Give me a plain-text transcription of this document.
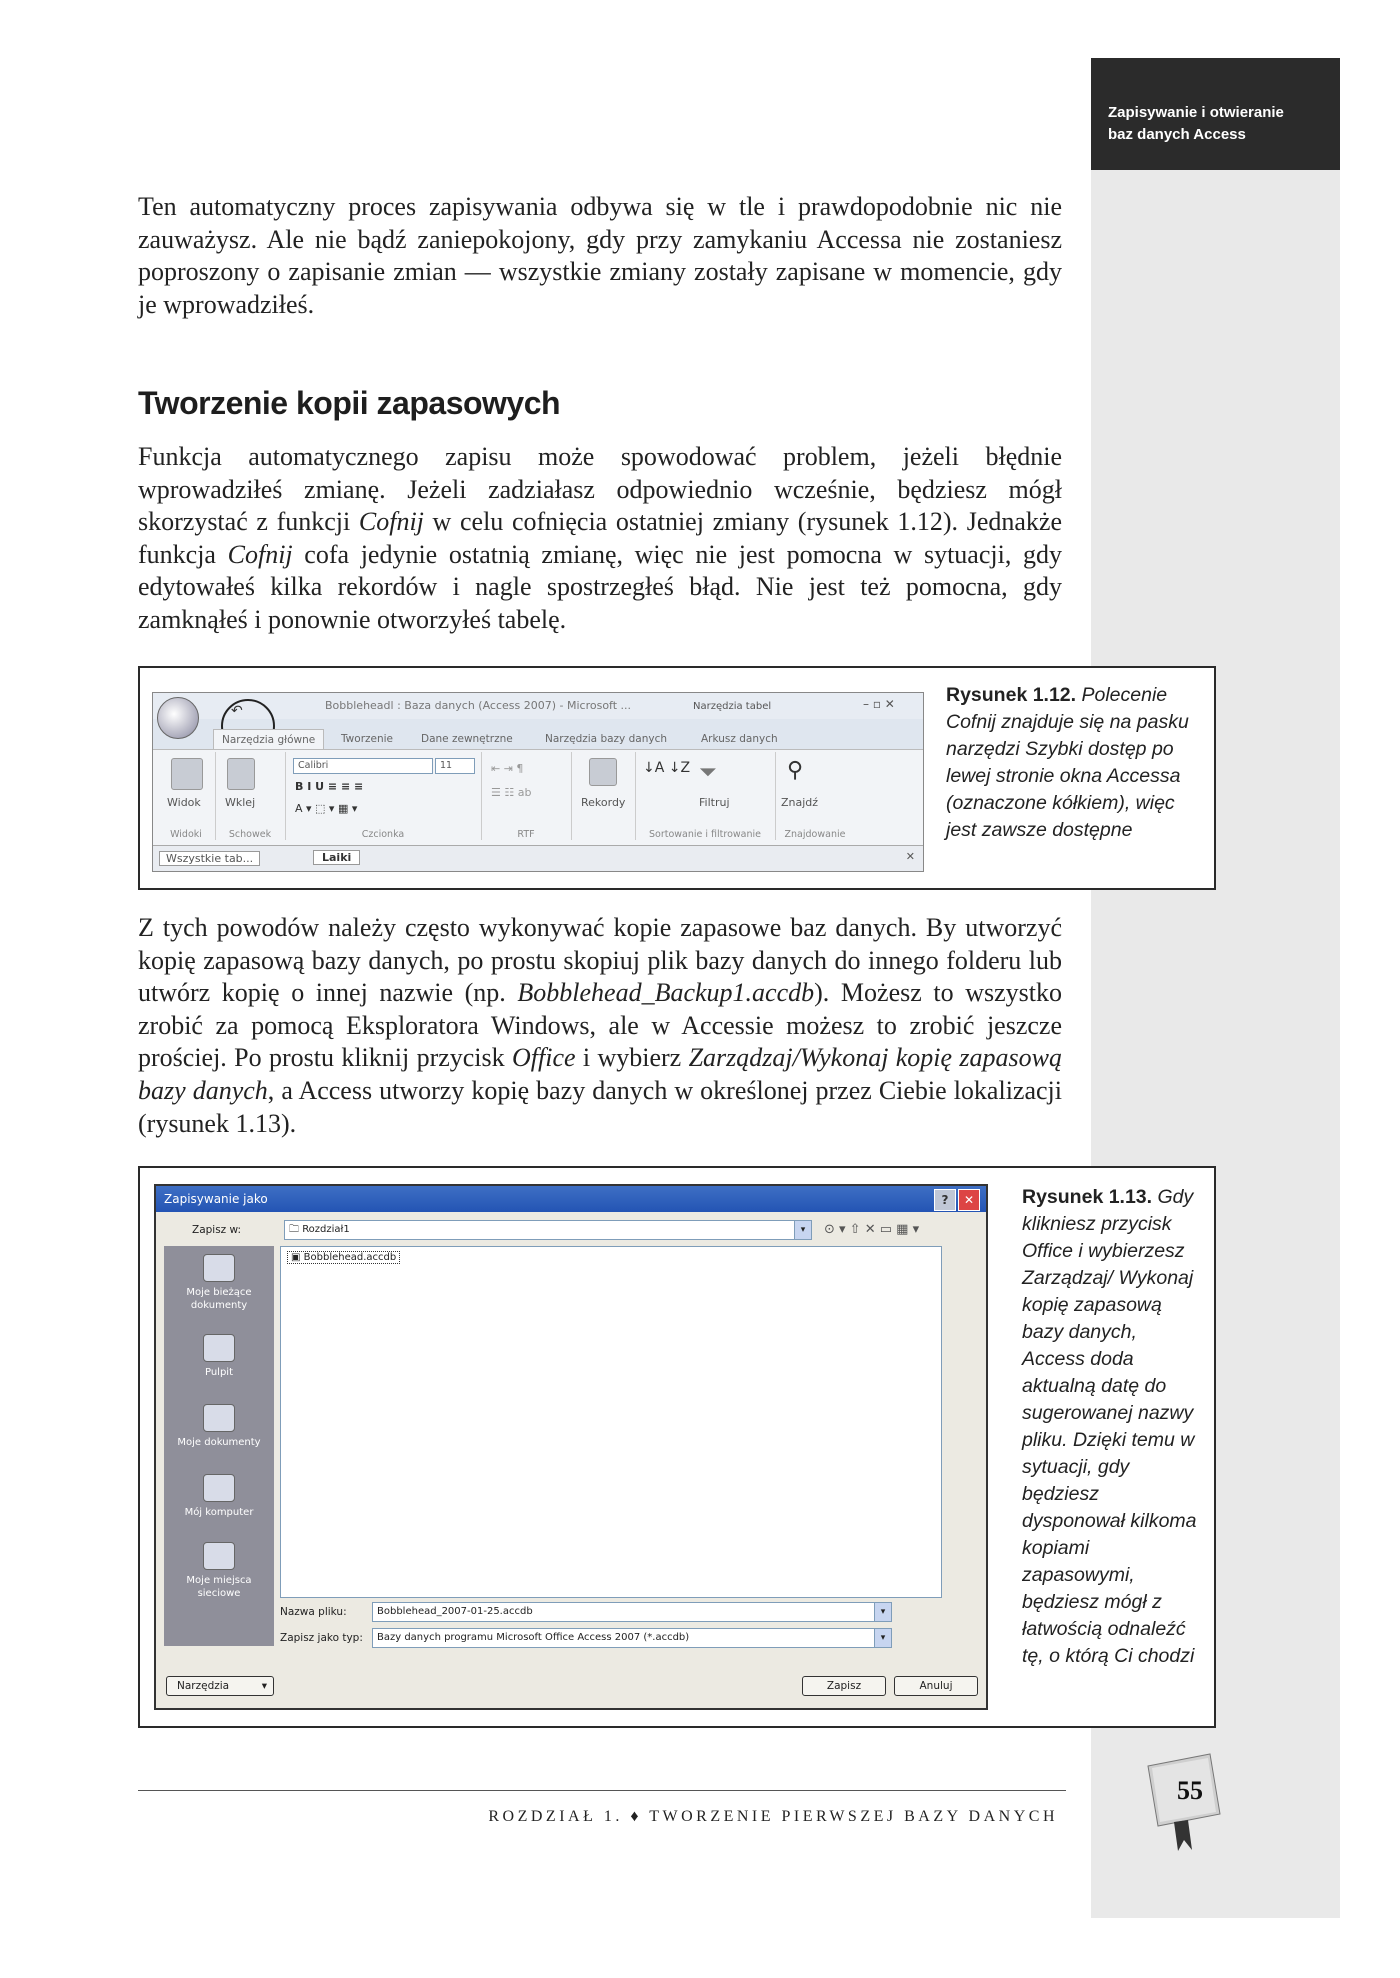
Zapisywanie i otwieranie
baz danych Access

Ten automatyczny proces zapisywania odbywa się w tle i prawdopodobnie nic nie zauważysz. Ale nie bądź zaniepokojony, gdy przy zamykaniu Accessa nie zostaniesz poproszony o zapisanie zmian — wszystkie zmiany zostały zapisane w momencie, gdy je wprowadziłeś.

Tworzenie kopii zapasowych

Funkcja automatycznego zapisu może spowodować problem, jeżeli błędnie wprowadziłeś zmianę. Jeżeli zadziałasz odpowiednio wcześnie, będziesz mógł skorzystać z funkcji Cofnij w celu cofnięcia ostatniej zmiany (rysunek 1.12). Jednakże funkcja Cofnij cofa jedynie ostatnią zmianę, więc nie jest pomocna w sytuacji, gdy edytowałeś kilka rekordów i nagle spostrzegłeś błąd. Nie jest też pomocna, gdy zamknąłeś i ponownie otworzyłeś tabelę.

Bobbleheadl : Baza danych (Access 2007) - Microsoft ...	Narzędzia tabel	– ▫ ✕
↶
Narzędzia główne	Tworzenie	Dane zewnętrzne	Narzędzia bazy danych	Arkusz danych
Widok
Widoki
Wklej
Schowek
Calibri	11
B I U ≡ ≡ ≡
A ▾ ⬚ ▾ ▦ ▾
Czcionka
⇤ ⇥ ¶
☰ ☷ ab
RTF
Rekordy
↓A ↓Z ⏷
Filtruj
Sortowanie i filtrowanie
⚲
Znajdź
Znajdowanie
Wszystkie tab...	Laiki	✕
Rysunek 1.12. Polecenie Cofnij znajduje się na pasku narzędzi Szybki dostęp po lewej stronie okna Accessa (oznaczone kółkiem), więc jest zawsze dostępne

Z tych powodów należy często wykonywać kopie zapasowe baz danych. By utworzyć kopię zapasową bazy danych, po prostu skopiuj plik bazy danych do innego folderu lub utwórz kopię o innej nazwie (np. Bobblehead_Backup1.accdb). Możesz to wszystko zrobić za pomocą Eksploratora Windows, ale w Accessie możesz to zrobić jeszcze prościej. Po prostu kliknij przycisk Office i wybierz Zarządzaj/Wykonaj kopię zapasową bazy danych, a Access utworzy kopię bazy danych w określonej przez Ciebie lokalizacji (rysunek 1.13).

Zapisywanie jako	?	✕
Zapisz w:	🗀 Rozdział1	▾	⊙ ▾ ⇧ ✕ ▭ ▦ ▾
Moje bieżące dokumenty
Pulpit
Moje dokumenty
Mój komputer
Moje miejsca sieciowe
▣ Bobblehead.accdb
Nazwa pliku:	Bobblehead_2007-01-25.accdb	▾
Zapisz jako typ:	Bazy danych programu Microsoft Office Access 2007 (*.accdb)	▾
Narzędzia	▾	Zapisz	Anuluj
Rysunek 1.13. Gdy klikniesz przycisk Office i wybierzesz Zarządzaj/ Wykonaj kopię zapasową bazy danych, Access doda aktualną datę do sugerowanej nazwy pliku. Dzięki temu w sytuacji, gdy będziesz dysponował kilkoma kopiami zapasowymi, będziesz mógł z łatwością odnaleźć tę, o którą Ci chodzi
ROZDZIAŁ 1. ♦ TWORZENIE PIERWSZEJ BAZY DANYCH
55
